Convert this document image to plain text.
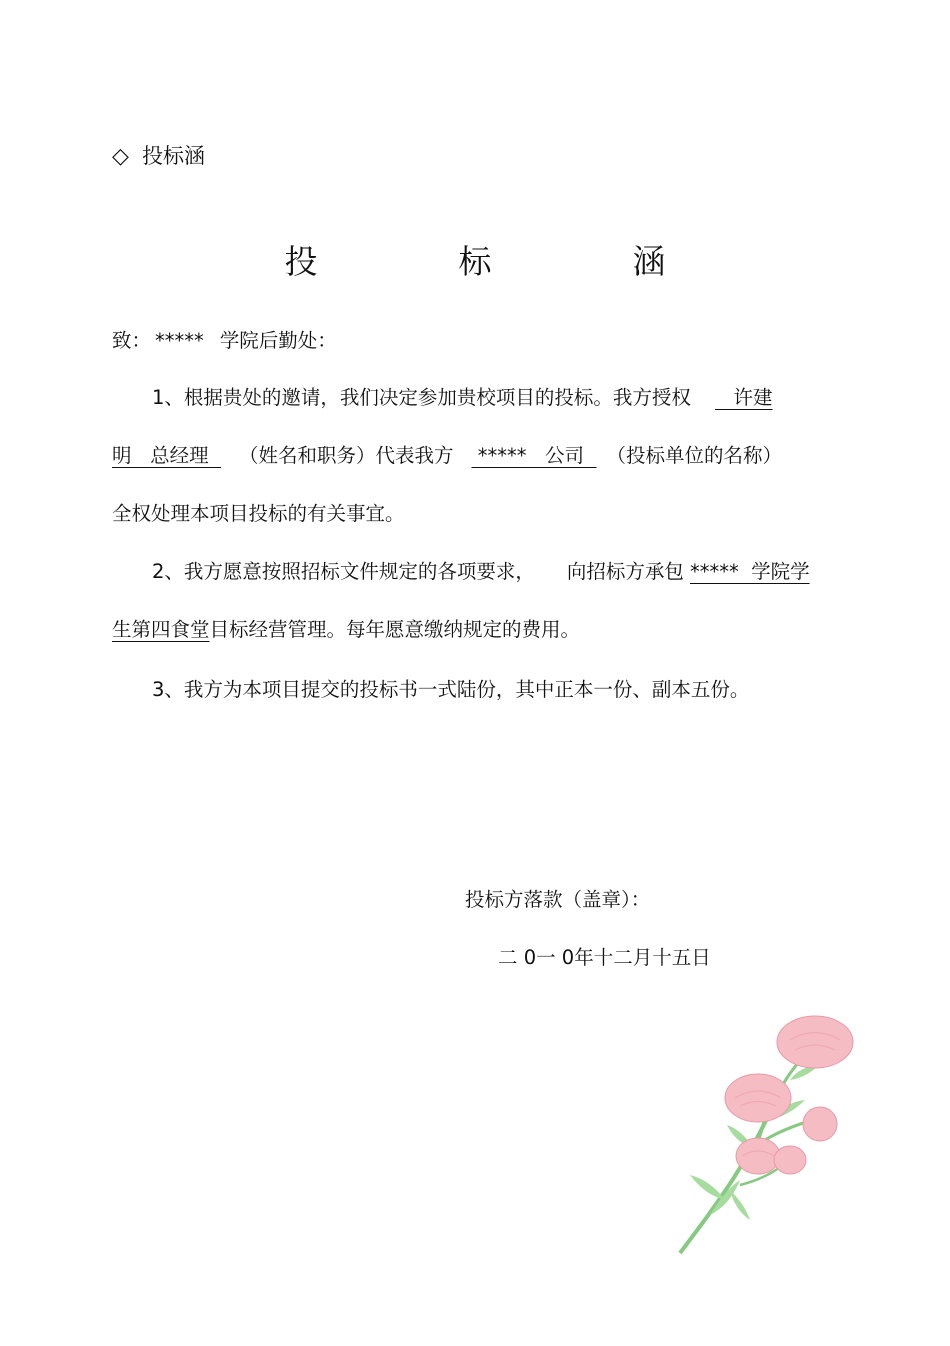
◇ 投标涵
投　标　涵
致： ***** 学院后勤处：
1、根据贵处的邀请，我们决定参加贵校项目的投标。我方授权   许建
明   总经理  （姓名和职务）代表我方 *****   公司  （投标单位的名称）
全权处理本项目投标的有关事宜。
2、我方愿意按照招标文件规定的各项要求， 向招标方承包 *****  学院学
生第四食堂目标经营管理。每年愿意缴纳规定的费用。
3、我方为本项目提交的投标书一式陆份，其中正本一份、副本五份。
投标方落款（盖章）：
二 0一 0年十二月十五日
